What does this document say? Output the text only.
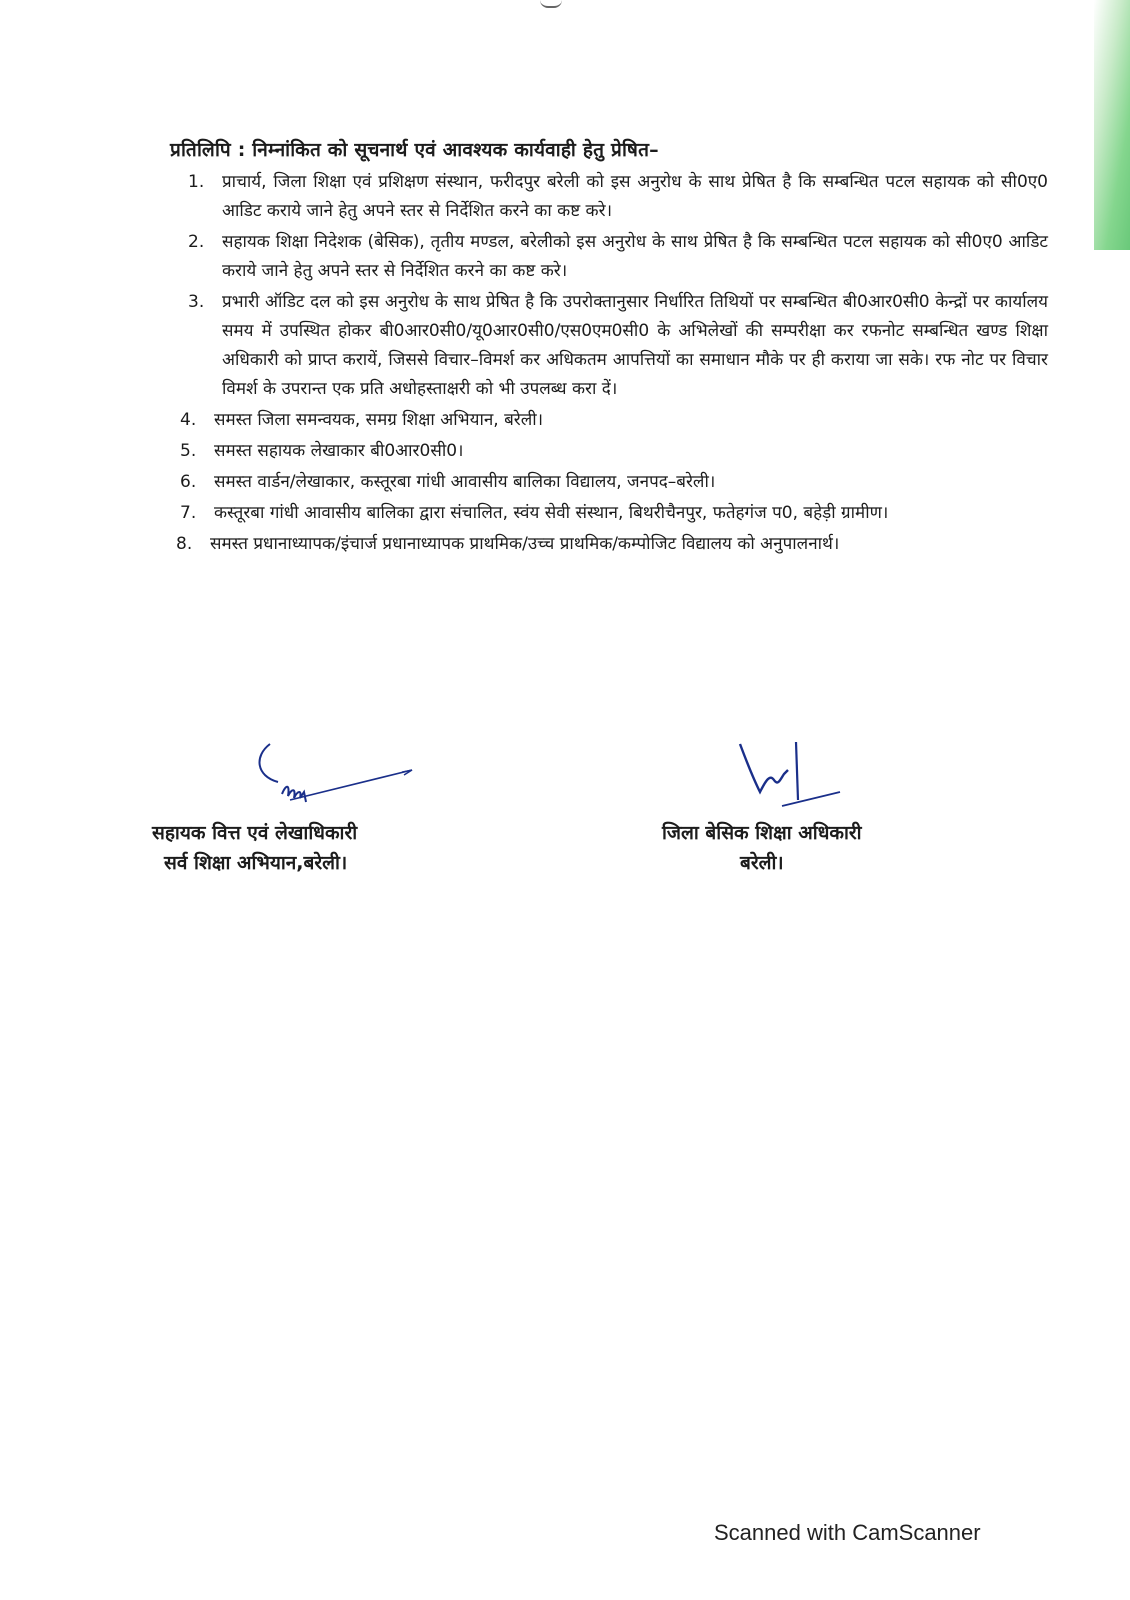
प्रतिलिपि : निम्नांकित को सूचनार्थ एवं आवश्यक कार्यवाही हेतु प्रेषित–
1.	प्राचार्य, जिला शिक्षा एवं प्रशिक्षण संस्थान, फरीदपुर बरेली को इस अनुरोध के साथ प्रेषित है कि सम्बन्धित पटल सहायक को सी0ए0 आडिट कराये जाने हेतु अपने स्तर से निर्देशित करने का कष्ट करे।
2.	सहायक शिक्षा निदेशक (बेसिक), तृतीय मण्डल, बरेलीको इस अनुरोध के साथ प्रेषित है कि सम्बन्धित पटल सहायक को सी0ए0 आडिट कराये जाने हेतु अपने स्तर से निर्देशित करने का कष्ट करे।
3.	प्रभारी ऑडिट दल को इस अनुरोध के साथ प्रेषित है कि उपरोक्तानुसार निर्धारित तिथियों पर सम्बन्धित बी0आर0सी0 केन्द्रों पर कार्यालय समय में उपस्थित होकर बी0आर0सी0/यू0आर0सी0/एस0एम0सी0 के अभिलेखों की सम्परीक्षा कर रफनोट सम्बन्धित खण्ड शिक्षा अधिकारी को प्राप्त करायें, जिससे विचार–विमर्श कर अधिकतम आपत्तियों का समाधान मौके पर ही कराया जा सके। रफ नोट पर विचार विमर्श के उपरान्त एक प्रति अधोहस्ताक्षरी को भी उपलब्ध करा दें।
4.	समस्त जिला समन्वयक, समग्र शिक्षा अभियान, बरेली।
5.	समस्त सहायक लेखाकार बी0आर0सी0।
6.	समस्त वार्डन/लेखाकार, कस्तूरबा गांधी आवासीय बालिका विद्यालय, जनपद–बरेली।
7.	कस्तूरबा गांधी आवासीय बालिका द्वारा संचालित, स्वंय सेवी संस्थान, बिथरीचैनपुर, फतेहगंज प0, बहेड़ी ग्रामीण।
8.	समस्त प्रधानाध्यापक/इंचार्ज प्रधानाध्यापक प्राथमिक/उच्च प्राथमिक/कम्पोजिट विद्यालय को अनुपालनार्थ।
सहायक वित्त एवं लेखाधिकारी
सर्व शिक्षा अभियान,बरेली।
जिला बेसिक शिक्षा अधिकारी
बरेली।
Scanned with CamScanner
